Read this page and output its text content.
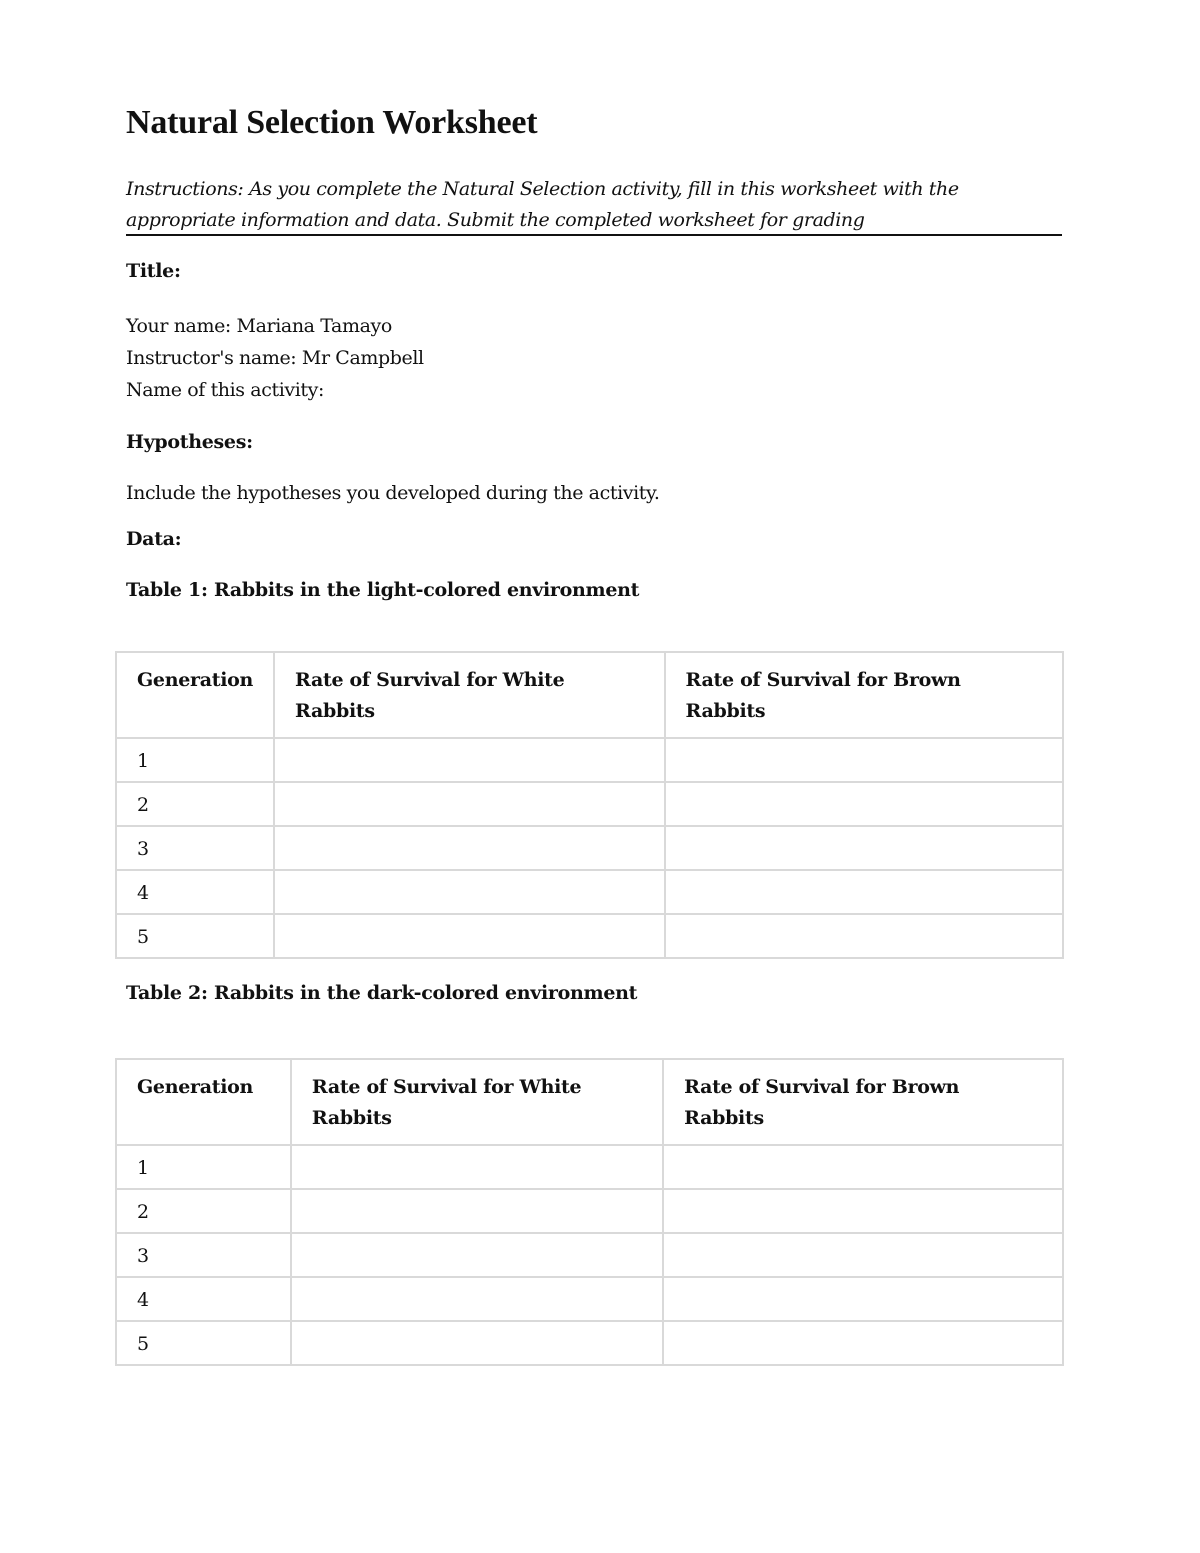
Natural Selection Worksheet
Instructions: As you complete the Natural Selection activity, fill in this worksheet with the appropriate information and data. Submit the completed worksheet for grading
Title:
Your name: Mariana Tamayo
Instructor's name: Mr Campbell
Name of this activity:
Hypotheses:
Include the hypotheses you developed during the activity.
Data:
Table 1: Rabbits in the light-colored environment
Generation	Rate of Survival for White Rabbits	Rate of Survival for Brown Rabbits
1		
2		
3		
4		
5		
Table 2: Rabbits in the dark-colored environment
Generation	Rate of Survival for White Rabbits	Rate of Survival for Brown Rabbits
1		
2		
3		
4		
5		
